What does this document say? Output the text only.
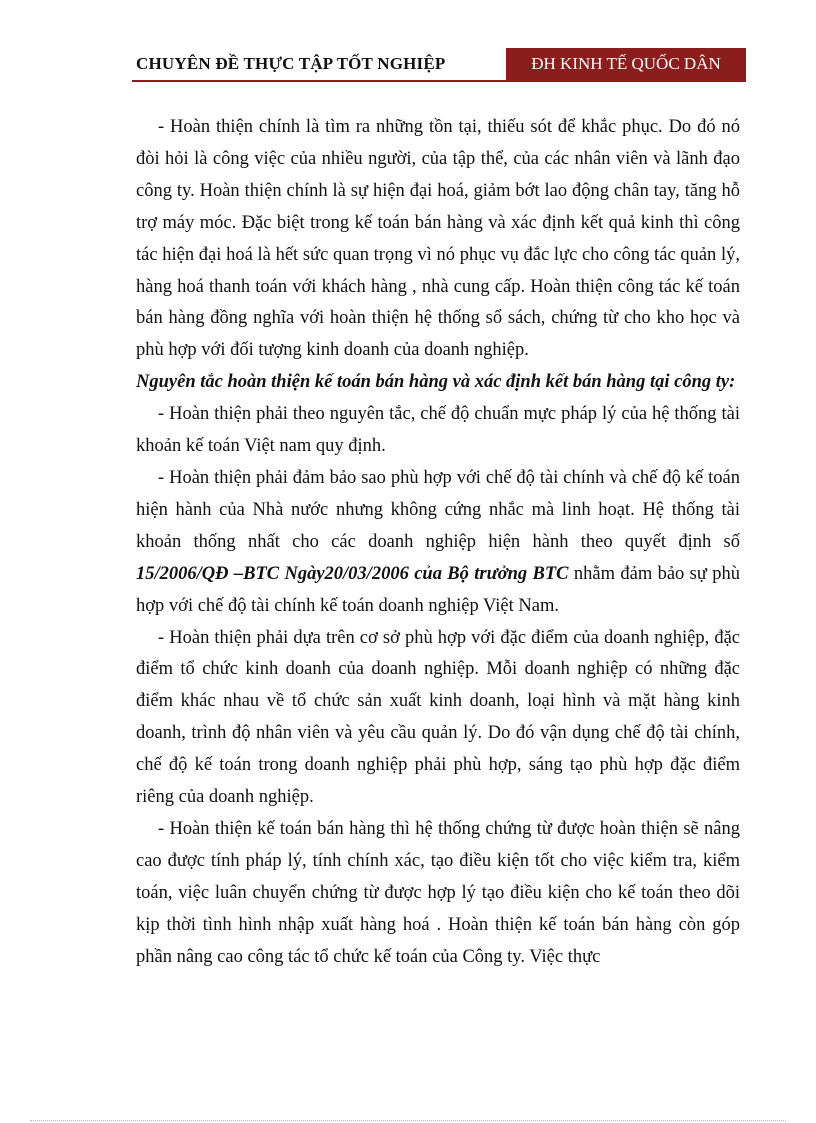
CHUYÊN ĐỀ THỰC TẬP TỐT NGHIỆP	ĐH KINH TẾ QUỐC DÂN

- Hoàn thiện chính là tìm ra những tồn tại, thiếu sót để khắc phục. Do đó nó đòi hỏi là công việc của nhiều người, của tập thể, của các nhân viên và lãnh đạo công ty. Hoàn thiện chính là sự hiện đại hoá, giảm bớt lao động chân tay, tăng hỗ trợ máy móc. Đặc biệt trong kế toán bán hàng và xác định kết quả kinh thì công tác hiện đại hoá là hết sức quan trọng vì nó phục vụ đắc lực cho công tác quản lý, hàng hoá thanh toán với khách hàng , nhà cung cấp. Hoàn thiện công tác kế toán bán hàng đồng nghĩa với hoàn thiện hệ thống sổ sách, chứng từ cho kho học và phù hợp với đối tượng kinh doanh của doanh nghiệp.

Nguyên tắc hoàn thiện kế toán bán hàng và xác định kết bán hàng tại công ty:

- Hoàn thiện phải theo nguyên tắc, chế độ chuẩn mực pháp lý của hệ thống tài khoản kế toán Việt nam quy định.

- Hoàn thiện phải đảm bảo sao phù hợp với chế độ tài chính và chế độ kế toán hiện hành của Nhà nước nhưng không cứng nhắc mà linh hoạt. Hệ thống tài khoản thống nhất cho các doanh nghiệp hiện hành theo quyết định số 15/2006/QĐ –BTC Ngày20/03/2006 của Bộ trưởng BTC nhằm đảm bảo sự phù hợp với chế độ tài chính kế toán doanh nghiệp Việt Nam.

- Hoàn thiện phải dựa trên cơ sở phù hợp với đặc điểm của doanh nghiệp, đặc điểm tổ chức kinh doanh của doanh nghiệp. Mỗi doanh nghiệp có những đặc điểm khác nhau về tổ chức sản xuất kinh doanh, loại hình và mặt hàng kinh doanh, trình độ nhân viên và yêu cầu quản lý. Do đó vận dụng chế độ tài chính, chế độ kế toán trong doanh nghiệp phải phù hợp, sáng tạo phù hợp đặc điểm riêng của doanh nghiệp.

- Hoàn thiện kế toán bán hàng thì hệ thống chứng từ được hoàn thiện sẽ nâng cao được tính pháp lý, tính chính xác, tạo điều kiện tốt cho việc kiểm tra, kiểm toán, việc luân chuyển chứng từ được hợp lý tạo điều kiện cho kế toán theo dõi kịp thời tình hình nhập xuất hàng hoá . Hoàn thiện kế toán bán hàng còn góp phần nâng cao công tác tổ chức kế toán của Công ty. Việc thực
